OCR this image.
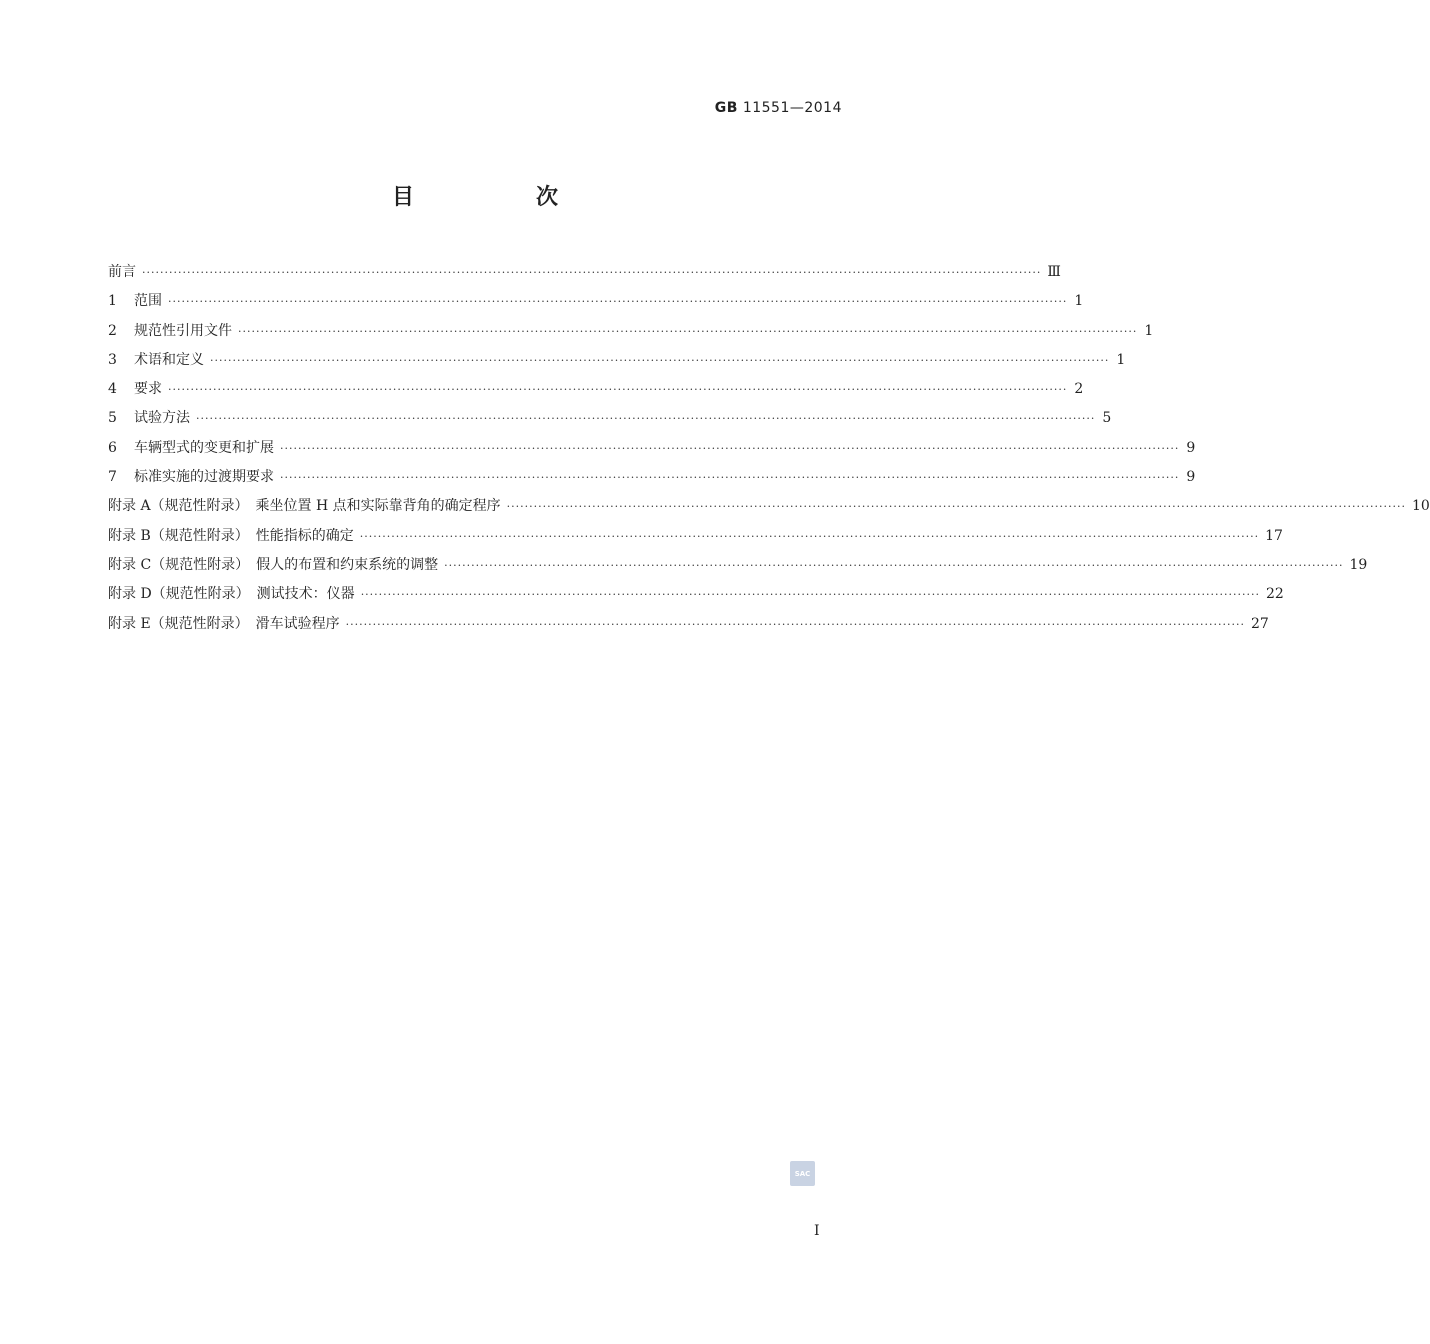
GB 11551—2014
目　次
前言 ········································································································································································································ Ⅲ
1 范围 ········································································································································································································ 1
2 规范性引用文件 ········································································································································································································ 1
3 术语和定义 ········································································································································································································ 1
4 要求 ········································································································································································································ 2
5 试验方法 ········································································································································································································ 5
6 车辆型式的变更和扩展 ········································································································································································································ 9
7 标准实施的过渡期要求 ········································································································································································································ 9
附录 A（规范性附录）　乘坐位置 H 点和实际靠背角的确定程序 ········································································································································································································ 10
附录 B（规范性附录）　性能指标的确定 ········································································································································································································ 17
附录 C（规范性附录）　假人的布置和约束系统的调整 ········································································································································································································ 19
附录 D（规范性附录）　测试技术：仪器 ········································································································································································································ 22
附录 E（规范性附录）　滑车试验程序 ········································································································································································································ 27
SAC
I
